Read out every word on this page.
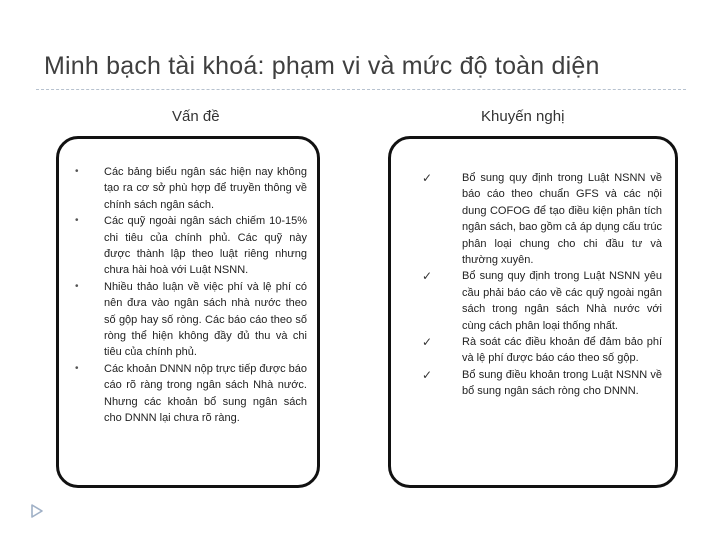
Minh bạch tài khoá: phạm vi và mức độ toàn diện
Vấn đề	Khuyến nghị
• Các bảng biểu ngân sác hiện nay không tạo ra cơ sở phù hợp để truyền thông về chính sách ngân sách.
• Các quỹ ngoài ngân sách chiếm 10-15% chi tiêu của chính phủ. Các quỹ này được thành lập theo luật riêng nhưng chưa hài hoà với Luật NSNN.
• Nhiều thảo luận về việc phí và lệ phí có nên đưa vào ngân sách nhà nước theo số gộp hay số ròng. Các báo cáo theo số ròng thể hiện không đầy đủ thu và chi tiêu của chính phủ.
• Các khoản DNNN nộp trực tiếp được báo cáo rõ ràng trong ngân sách Nhà nước. Nhưng các khoản bổ sung ngân sách cho DNNN lại chưa rõ ràng.
✓	Bổ sung quy định trong Luật NSNN về báo cáo theo chuẩn GFS và các nội dung COFOG để tạo điều kiện phân tích ngân sách, bao gồm cả áp dụng cấu trúc phân loại chung cho chi đầu tư và thường xuyên.
✓	Bổ sung quy định trong Luật NSNN yêu cầu phải báo cáo về các quỹ ngoài ngân sách trong ngân sách Nhà nước với cùng cách phân loại thống nhất.
✓	Rà soát các điều khoản để đảm bảo phí và lệ phí được báo cáo theo số gộp.
✓	Bổ sung điều khoản trong Luật NSNN về bổ sung ngân sách ròng cho DNNN.
